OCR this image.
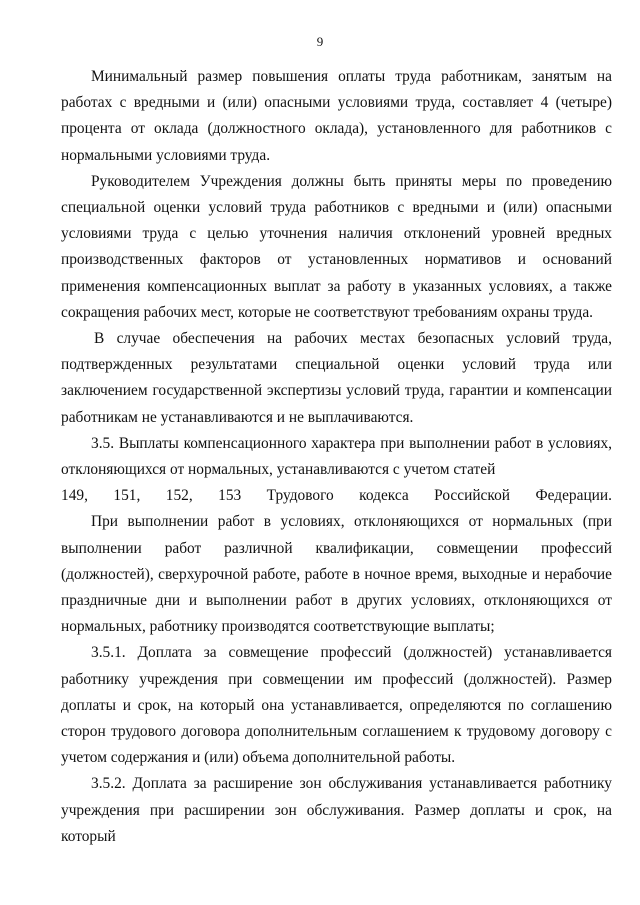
9

Минимальный размер повышения оплаты труда работникам, занятым на работах с вредными и (или) опасными условиями труда, составляет 4 (четыре) процента от оклада (должностного оклада), установленного для работников с нормальными условиями труда.

Руководителем Учреждения должны быть приняты меры по проведению специальной оценки условий труда работников с вредными и (или) опасными условиями труда с целью уточнения наличия отклонений уровней вредных производственных факторов от установленных нормативов и оснований применения компенсационных выплат за работу в указанных условиях, а также сокращения рабочих мест, которые не соответствуют требованиям охраны труда.

В случае обеспечения на рабочих местах безопасных условий труда, подтвержденных результатами специальной оценки условий труда или заключением государственной экспертизы условий труда, гарантии и компенсации работникам не устанавливаются и не выплачиваются.

3.5. Выплаты компенсационного характера при выполнении работ в условиях, отклоняющихся от нормальных, устанавливаются с учетом статей

149, 151, 152, 153 Трудового кодекса Российской Федерации.

При выполнении работ в условиях, отклоняющихся от нормальных (при выполнении работ различной квалификации, совмещении профессий (должностей), сверхурочной работе, работе в ночное время, выходные и нерабочие праздничные дни и выполнении работ в других условиях, отклоняющихся от нормальных, работнику производятся соответствующие выплаты;

3.5.1. Доплата за совмещение профессий (должностей) устанавливается работнику учреждения при совмещении им профессий (должностей). Размер доплаты и срок, на который она устанавливается, определяются по соглашению сторон трудового договора дополнительным соглашением к трудовому договору с учетом содержания и (или) объема дополнительной работы.

3.5.2. Доплата за расширение зон обслуживания устанавливается работнику учреждения при расширении зон обслуживания. Размер доплаты и срок, на который
